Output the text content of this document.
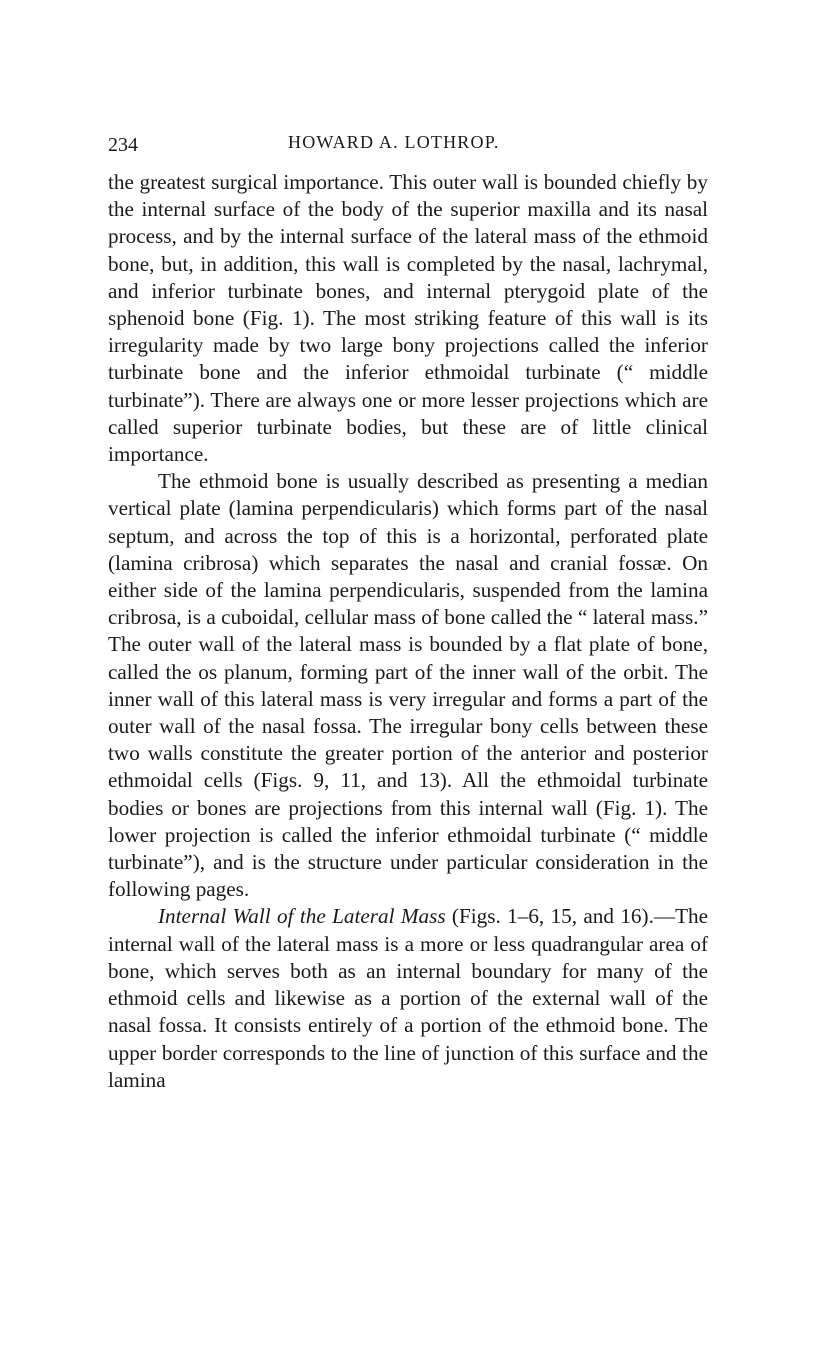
234	HOWARD A. LOTHROP.

the greatest surgical importance. This outer wall is bounded chiefly by the internal surface of the body of the superior maxilla and its nasal process, and by the internal surface of the lateral mass of the ethmoid bone, but, in addition, this wall is completed by the nasal, lachrymal, and inferior turbinate bones, and internal pterygoid plate of the sphenoid bone (Fig. 1). The most striking feature of this wall is its irregularity made by two large bony projections called the inferior turbinate bone and the inferior ethmoidal turbinate (“ middle turbinate”). There are always one or more lesser projections which are called superior turbinate bodies, but these are of little clinical importance.

The ethmoid bone is usually described as presenting a median vertical plate (lamina perpendicularis) which forms part of the nasal septum, and across the top of this is a horizontal, perforated plate (lamina cribrosa) which separates the nasal and cranial fossæ. On either side of the lamina perpendicularis, suspended from the lamina cribrosa, is a cuboidal, cellular mass of bone called the “ lateral mass.” The outer wall of the lateral mass is bounded by a flat plate of bone, called the os planum, forming part of the inner wall of the orbit. The inner wall of this lateral mass is very irregular and forms a part of the outer wall of the nasal fossa. The irregular bony cells between these two walls constitute the greater portion of the anterior and posterior ethmoidal cells (Figs. 9, 11, and 13). All the ethmoidal turbinate bodies or bones are projections from this internal wall (Fig. 1). The lower projection is called the inferior ethmoidal turbinate (“ middle turbinate”), and is the structure under particular consideration in the following pages.

Internal Wall of the Lateral Mass (Figs. 1–6, 15, and 16).—The internal wall of the lateral mass is a more or less quadrangular area of bone, which serves both as an internal boundary for many of the ethmoid cells and likewise as a portion of the external wall of the nasal fossa. It consists entirely of a portion of the ethmoid bone. The upper border corresponds to the line of junction of this surface and the lamina
